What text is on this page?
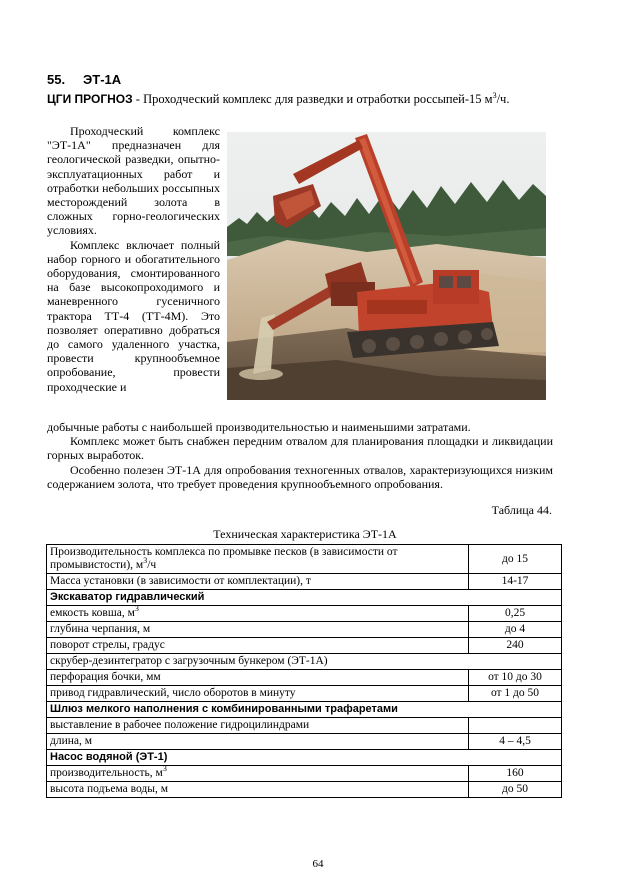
55. ЭТ-1А
ЦГИ ПРОГНОЗ - Проходческий комплекс для разведки и отработки россыпей-15 $м^3/ч$.

Проходческий комплекс "ЭТ-1А" предназначен для геологической разведки, опытно-эксплуатационных работ и отработки небольших россыпных месторождений золота в сложных горно-геологических условиях.

Комплекс включает полный набор горного и обогатительного оборудования, смонтированного на базе высокопроходимого и маневренного гусеничного трактора ТТ-4 (ТТ-4М). Это позволяет оперативно добраться до самого удаленного участка, провести крупнообъемное опробование, провести проходческие и

добычные работы с наибольшей производительностью и наименьшими затратами.

Комплекс может быть снабжен передним отвалом для планирования площадки и ликвидации горных выработок.

Особенно полезен ЭТ-1А для опробования техногенных отвалов, характеризующихся низким содержанием золота, что требует проведения крупнообъемного опробования.

Таблица 44.
Техническая характеристика ЭТ-1А
Производительность комплекса по промывке песков (в зависимости от промывистости), $м^3/ч$	до 15
Масса установки (в зависимости от комплектации), т	14-17
Экскаватор гидравлический	
емкость ковша, $м^3$	0,25
глубина черпания, м	до 4
поворот стрелы, градус	240
скрубер-дезинтегратор с загрузочным бункером (ЭТ-1А)	
перфорация бочки, мм	от 10 до 30
привод гидравлический, число оборотов в минуту	от 1 до 50
Шлюз мелкого наполнения с комбинированными трафаретами	
выставление в рабочее положение гидроцилиндрами	
длина, м	4 – 4,5
Насос водяной (ЭТ-1)	
производительность, $м^3$	160
высота подъема воды, м	до 50
64
